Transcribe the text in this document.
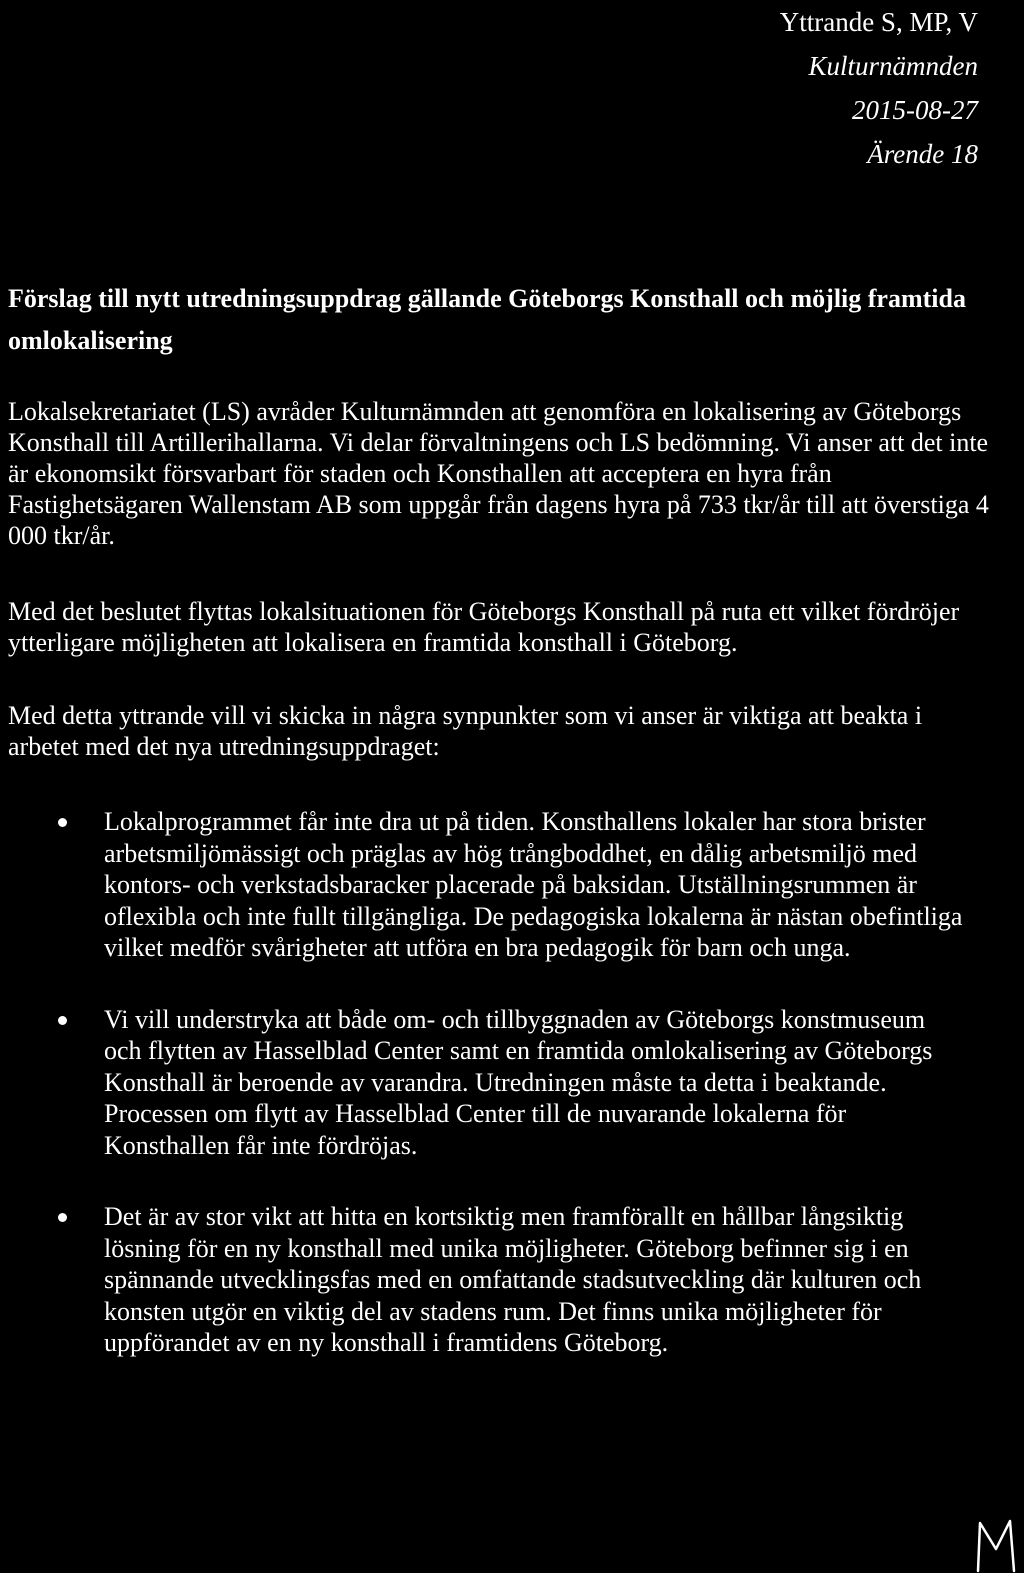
Yttrande S, MP, V
Kulturnämnden
2015-08-27
Ärende 18
Förslag till nytt utredningsuppdrag gällande Göteborgs Konsthall och möjlig framtida omlokalisering

Lokalsekretariatet (LS) avråder Kulturnämnden att genomföra en lokalisering av Göteborgs Konsthall till Artillerihallarna. Vi delar förvaltningens och LS bedömning. Vi anser att det inte är ekonomsikt försvarbart för staden och Konsthallen att acceptera en hyra från Fastighetsägaren Wallenstam AB som uppgår från dagens hyra på 733 tkr/år till att överstiga 4 000 tkr/år.

Med det beslutet flyttas lokalsituationen för Göteborgs Konsthall på ruta ett vilket fördröjer ytterligare möjligheten att lokalisera en framtida konsthall i Göteborg.

Med detta yttrande vill vi skicka in några synpunkter som vi anser är viktiga att beakta i arbetet med det nya utredningsuppdraget:

Lokalprogrammet får inte dra ut på tiden. Konsthallens lokaler har stora brister arbetsmiljömässigt och präglas av hög trångboddhet, en dålig arbetsmiljö med kontors- och verkstadsbaracker placerade på baksidan. Utställningsrummen är oflexibla och inte fullt tillgängliga. De pedagogiska lokalerna är nästan obefintliga vilket medför svårigheter att utföra en bra pedagogik för barn och unga.
Vi vill understryka att både om- och tillbyggnaden av Göteborgs konstmuseum och flytten av Hasselblad Center samt en framtida omlokalisering av Göteborgs Konsthall är beroende av varandra. Utredningen måste ta detta i beaktande. Processen om flytt av Hasselblad Center till de nuvarande lokalerna för Konsthallen får inte fördröjas.
Det är av stor vikt att hitta en kortsiktig men framförallt en hållbar långsiktig lösning för en ny konsthall med unika möjligheter. Göteborg befinner sig i en spännande utvecklingsfas med en omfattande stadsutveckling där kulturen och konsten utgör en viktig del av stadens rum. Det finns unika möjligheter för uppförandet av en ny konsthall i framtidens Göteborg.
